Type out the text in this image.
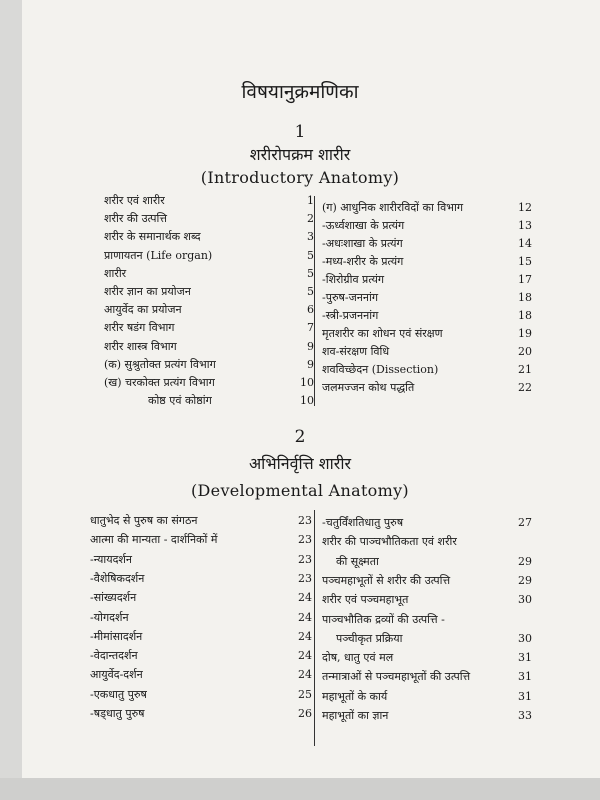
विषयानुक्रमणिका
1
शरीरोपक्रम शारीर
(Introductory Anatomy)
शरीर एवं शारीर	1
शरीर की उत्पत्ति	2
शरीर के समानार्थक शब्द	3
प्राणायतन (Life organ)	5
शारीर	5
शरीर ज्ञान का प्रयोजन	5
आयुर्वेद का प्रयोजन	6
शरीर षडंग विभाग	7
शरीर शास्त्र विभाग	9
(क) सुश्रुतोक्त प्रत्यंग विभाग	9
(ख) चरकोक्त प्रत्यंग विभाग	10
कोष्ठ एवं कोष्ठांग	10
(ग) आधुनिक शारीरविदों का विभाग	12
-ऊर्ध्वशाखा के प्रत्यंग	13
-अधःशाखा के प्रत्यंग	14
-मध्य-शरीर के प्रत्यंग	15
-शिरोग्रीव प्रत्यंग	17
-पुरुष-जननांग	18
-स्त्री-प्रजननांग	18
मृतशरीर का शोधन एवं संरक्षण	19
शव-संरक्षण विधि	20
शवविच्छेदन (Dissection)	21
जलमज्जन कोथ पद्धति	22
2
अभिनिर्वृत्ति शारीर
(Developmental Anatomy)
धातुभेद से पुरुष का संगठन	23
आत्मा की मान्यता - दार्शनिकों में	23
-न्यायदर्शन	23
-वैशेषिकदर्शन	23
-सांख्यदर्शन	24
-योगदर्शन	24
-मीमांसादर्शन	24
-वेदान्तदर्शन	24
आयुर्वेद-दर्शन	24
-एकधातु पुरुष	25
-षड्धातु पुरुष	26
-चतुर्विंशतिधातु पुरुष	27
शरीर की पाञ्चभौतिकता एवं शरीर
की सूक्ष्मता	29
पञ्चमहाभूतों से शरीर की उत्पत्ति	29
शरीर एवं पञ्चमहाभूत	30
पाञ्चभौतिक द्रव्यों की उत्पत्ति -
पञ्चीकृत प्रक्रिया	30
दोष, धातु एवं मल	31
तन्मात्राओं से पञ्चमहाभूतों की उत्पत्ति	31
महाभूतों के कार्य	31
महाभूतों का ज्ञान	33
